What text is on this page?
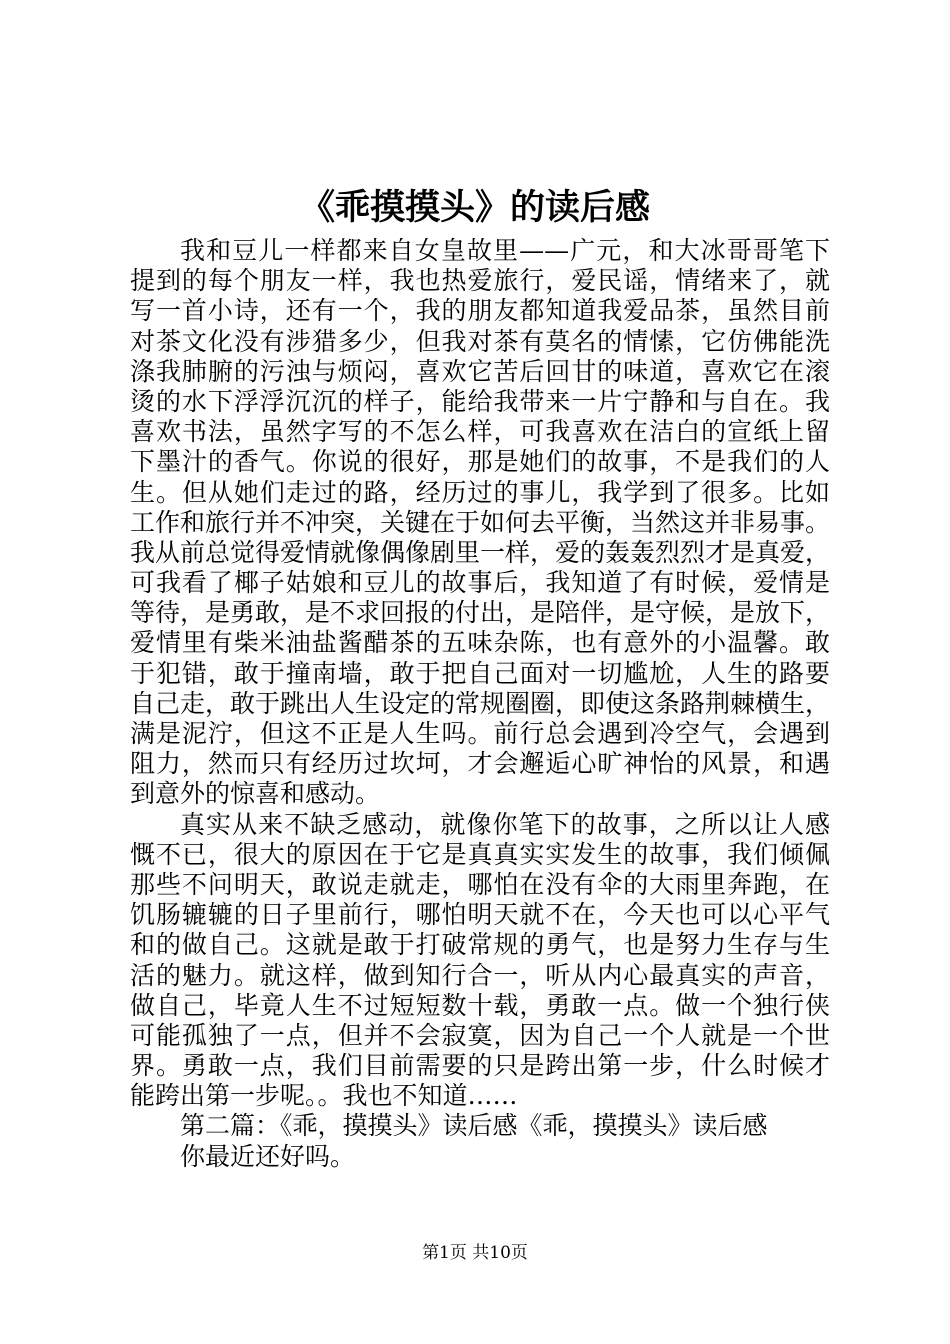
《乖摸摸头》的读后感
我和豆儿一样都来自女皇故里——广元，和大冰哥哥笔下
提到的每个朋友一样，我也热爱旅行，爱民谣，情绪来了，就
写一首小诗，还有一个，我的朋友都知道我爱品茶，虽然目前
对茶文化没有涉猎多少，但我对茶有莫名的情愫，它仿佛能洗
涤我肺腑的污浊与烦闷，喜欢它苦后回甘的味道，喜欢它在滚
烫的水下浮浮沉沉的样子，能给我带来一片宁静和与自在。我
喜欢书法，虽然字写的不怎么样，可我喜欢在洁白的宣纸上留
下墨汁的香气。你说的很好，那是她们的故事，不是我们的人
生。但从她们走过的路，经历过的事儿，我学到了很多。比如
工作和旅行并不冲突，关键在于如何去平衡，当然这并非易事。
我从前总觉得爱情就像偶像剧里一样，爱的轰轰烈烈才是真爱，
可我看了椰子姑娘和豆儿的故事后，我知道了有时候，爱情是
等待，是勇敢，是不求回报的付出，是陪伴，是守候，是放下，
爱情里有柴米油盐酱醋茶的五味杂陈，也有意外的小温馨。敢
于犯错，敢于撞南墙，敢于把自己面对一切尴尬，人生的路要
自己走，敢于跳出人生设定的常规圈圈，即使这条路荆棘横生，
满是泥泞，但这不正是人生吗。前行总会遇到冷空气，会遇到
阻力，然而只有经历过坎坷，才会邂逅心旷神怡的风景，和遇
到意外的惊喜和感动。
真实从来不缺乏感动，就像你笔下的故事，之所以让人感
慨不已，很大的原因在于它是真真实实发生的故事，我们倾佩
那些不问明天，敢说走就走，哪怕在没有伞的大雨里奔跑，在
饥肠辘辘的日子里前行，哪怕明天就不在，今天也可以心平气
和的做自己。这就是敢于打破常规的勇气，也是努力生存与生
活的魅力。就这样，做到知行合一，听从内心最真实的声音，
做自己，毕竟人生不过短短数十载，勇敢一点。做一个独行侠
可能孤独了一点，但并不会寂寞，因为自己一个人就是一个世
界。勇敢一点，我们目前需要的只是跨出第一步，什么时候才
能跨出第一步呢。。我也不知道……
第二篇：《乖，摸摸头》读后感《乖，摸摸头》读后感
你最近还好吗。
第1页 共10页
